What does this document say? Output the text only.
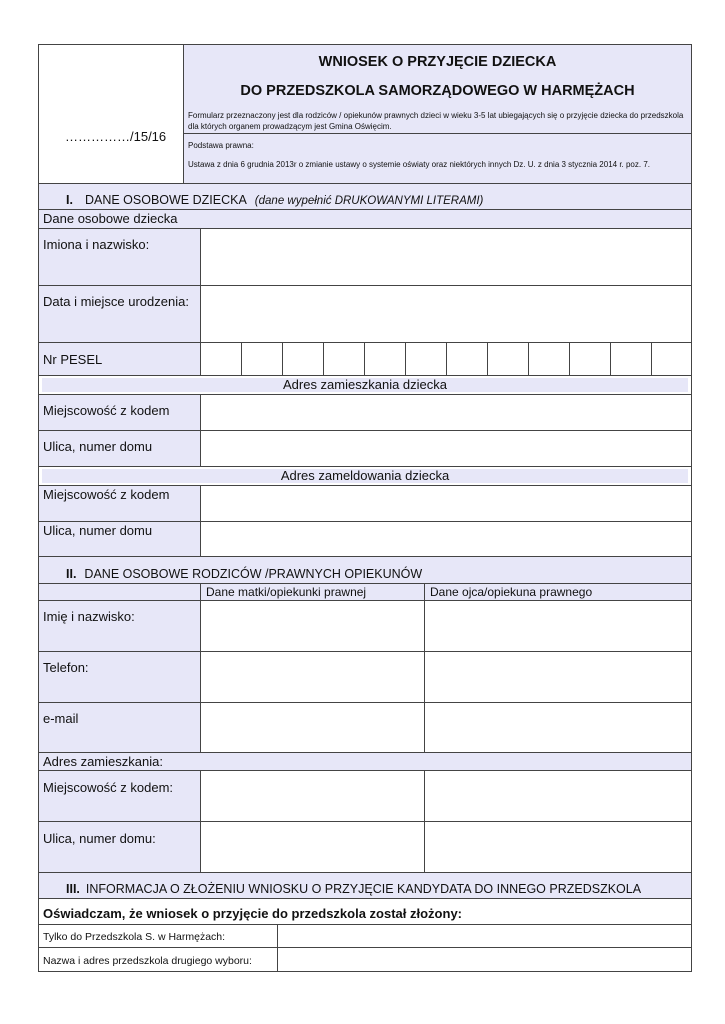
……………/15/16
WNIOSEK O PRZYJĘCIE DZIECKA
DO PRZEDSZKOLA SAMORZĄDOWEGO W HARMĘŻACH
Formularz przeznaczony jest dla rodziców / opiekunów prawnych dzieci w wieku 3-5 lat ubiegających się o przyjęcie dziecka do przedszkola dla których organem prowadzącym jest Gmina Oświęcim.
Podstawa prawna:
Ustawa z dnia 6 grudnia 2013r o zmianie ustawy o systemie oświaty oraz niektórych innych Dz. U. z dnia 3 stycznia 2014 r. poz. 7.
I. DANE OSOBOWE DZIECKA (dane wypełnić DRUKOWANYMI LITERAMI)
Dane osobowe dziecka
Imiona i nazwisko:
Data i miejsce urodzenia:
Nr PESEL
Adres zamieszkania dziecka
Miejscowość z kodem
Ulica, numer domu
Adres zameldowania dziecka
Miejscowość z kodem
Ulica, numer domu
II. DANE OSOBOWE RODZICÓW /PRAWNYCH OPIEKUNÓW
Dane matki/opiekunki prawnej	Dane ojca/opiekuna prawnego
Imię i nazwisko:
Telefon:
e-mail
Adres zamieszkania:
Miejscowość z kodem:
Ulica, numer domu:
III. INFORMACJA O ZŁOŻENIU WNIOSKU O PRZYJĘCIE KANDYDATA DO INNEGO PRZEDSZKOLA
Oświadczam, że wniosek o przyjęcie do przedszkola został złożony:
Tylko do Przedszkola S. w Harmężach:
Nazwa i adres przedszkola drugiego wyboru:
